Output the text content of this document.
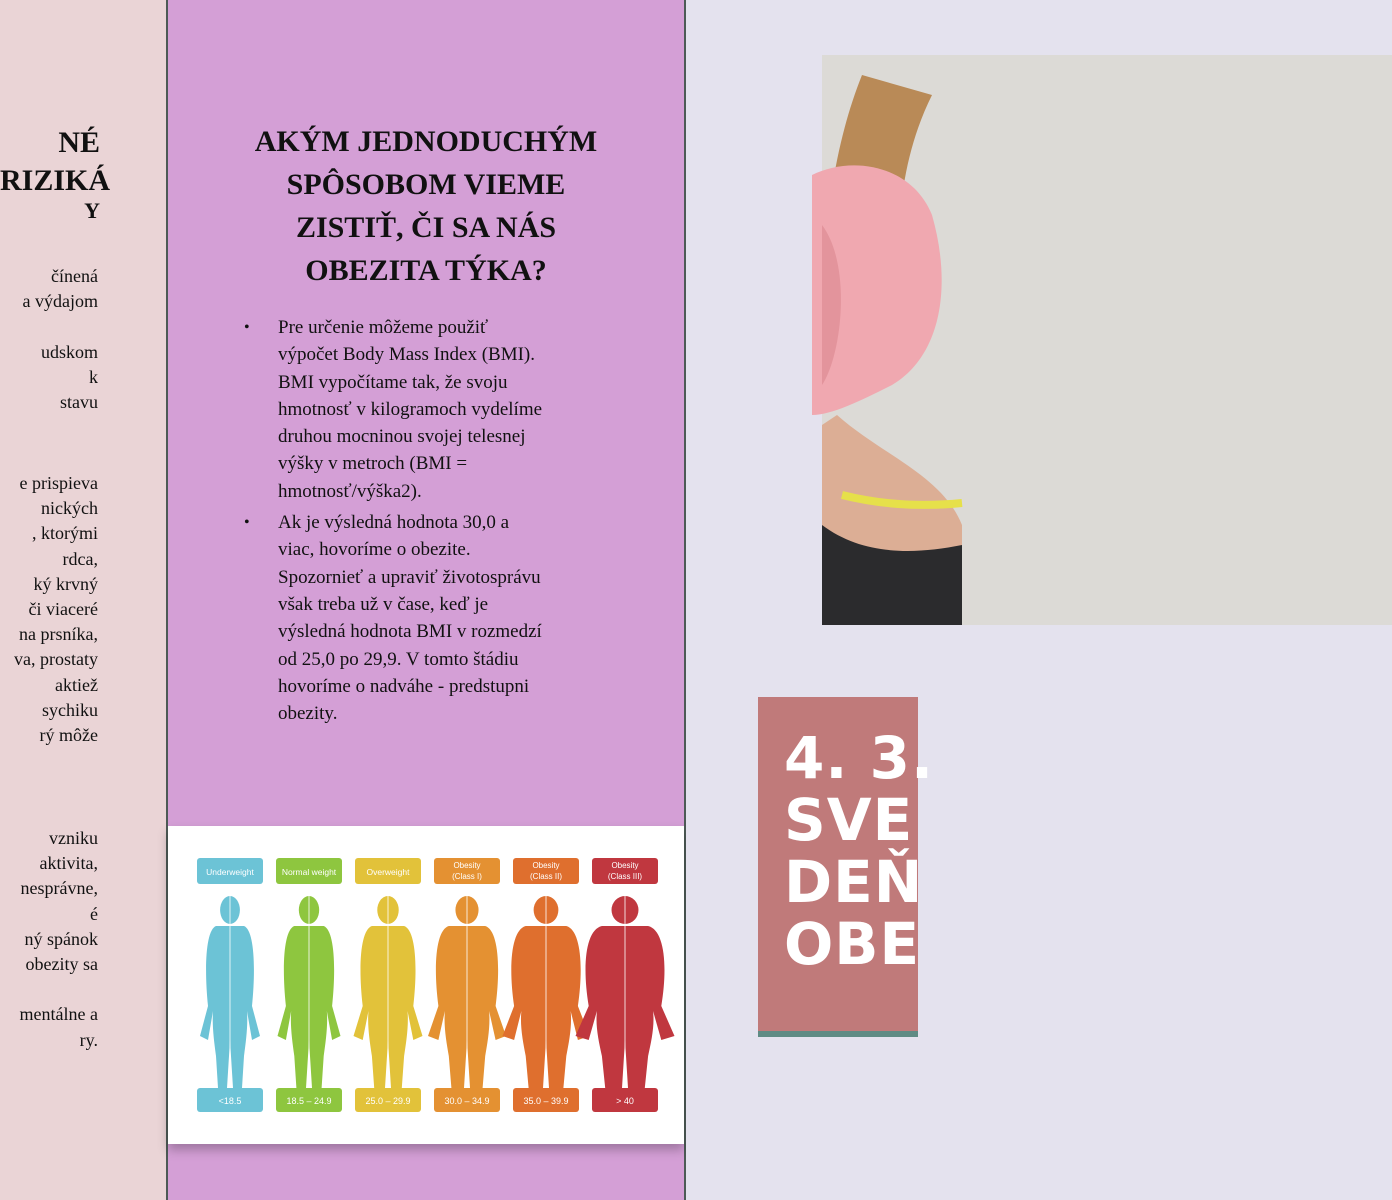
NÉ
RIZIKÁ
Y
čínená
a výdajom
udskom
k
stavu
e prispieva
nických
, ktorými
rdca,
ký krvný
či viaceré
na prsníka,
va, prostaty
aktiež
sychiku
rý môže
vzniku
aktivita,
nesprávne,
é
ný spánok
obezity sa
mentálne a
ry.
AKÝM JEDNODUCHÝM
SPÔSOBOM VIEME
ZISTIŤ, ČI SA NÁS
OBEZITA TÝKA?
• Pre určenie môžeme použiť
výpočet Body Mass Index (BMI).
BMI vypočítame tak, že svoju
hmotnosť v kilogramoch vydelíme
druhou mocninou svojej telesnej
výšky v metroch (BMI =
hmotnosť/výška2).
• Ak je výsledná hodnota 30,0 a
viac, hovoríme o obezite.
Spozornieť a upraviť životosprávu
však treba už v čase, keď je
výsledná hodnota BMI v rozmedzí
od 25,0 po 29,9. V tomto štádiu
hovoríme o nadváhe - predstupni
obezity.
Underweight
<18.5
Normal weight
18.5 – 24.9
Overweight
25.0 – 29.9
Obesity
(Class I)
30.0 – 34.9
Obesity
(Class II)
35.0 – 39.9
Obesity
(Class III)
> 40
4. 3.
SVE
DEŇ
OBE
